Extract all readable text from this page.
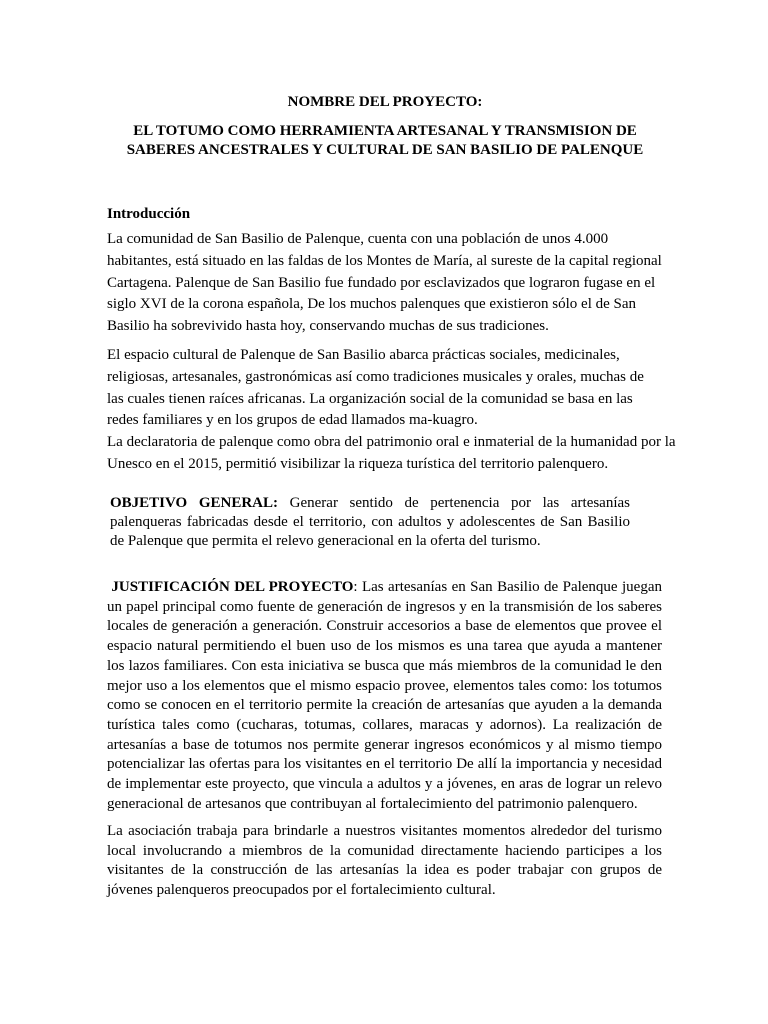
NOMBRE DEL PROYECTO:

EL TOTUMO COMO HERRAMIENTA ARTESANAL Y TRANSMISION DE SABERES ANCESTRALES Y CULTURAL DE SAN BASILIO DE PALENQUE

Introducción

La comunidad de San Basilio de Palenque, cuenta con una población de unos 4.000 habitantes, está situado en las faldas de los Montes de María, al sureste de la capital regional Cartagena. Palenque de San Basilio fue fundado por esclavizados que lograron fugase en el siglo XVI de la corona española, De los muchos palenques que existieron sólo el de San Basilio ha sobrevivido hasta hoy, conservando muchas de sus tradiciones.

El espacio cultural de Palenque de San Basilio abarca prácticas sociales, medicinales, religiosas, artesanales, gastronómicas así como tradiciones musicales y orales, muchas de las cuales tienen raíces africanas. La organización social de la comunidad se basa en las redes familiares y en los grupos de edad llamados ma-kuagro.

La declaratoria de palenque como obra del patrimonio oral e inmaterial de la humanidad por la Unesco en el 2015, permitió visibilizar la riqueza turística del territorio palenquero.

OBJETIVO GENERAL: Generar sentido de pertenencia por las artesanías palenqueras fabricadas desde el territorio, con adultos y adolescentes de San Basilio de Palenque que permita el relevo generacional en la oferta del turismo.

JUSTIFICACIÓN DEL PROYECTO: Las artesanías en San Basilio de Palenque juegan un papel principal como fuente de generación de ingresos y en la transmisión de los saberes locales de generación a generación. Construir accesorios a base de elementos que provee el espacio natural permitiendo el buen uso de los mismos es una tarea que ayuda a mantener los lazos familiares. Con esta iniciativa se busca que más miembros de la comunidad le den mejor uso a los elementos que el mismo espacio provee, elementos tales como: los totumos como se conocen en el territorio permite la creación de artesanías que ayuden a la demanda turística tales como (cucharas, totumas, collares, maracas y adornos). La realización de artesanías a base de totumos nos permite generar ingresos económicos y al mismo tiempo potencializar las ofertas para los visitantes en el territorio De allí la importancia y necesidad de implementar este proyecto, que vincula a adultos y a jóvenes, en aras de lograr un relevo generacional de artesanos que contribuyan al fortalecimiento del patrimonio palenquero.

La asociación trabaja para brindarle a nuestros visitantes momentos alrededor del turismo local involucrando a miembros de la comunidad directamente haciendo participes a los visitantes de la construcción de las artesanías la idea es poder trabajar con grupos de jóvenes palenqueros preocupados por el fortalecimiento cultural.
